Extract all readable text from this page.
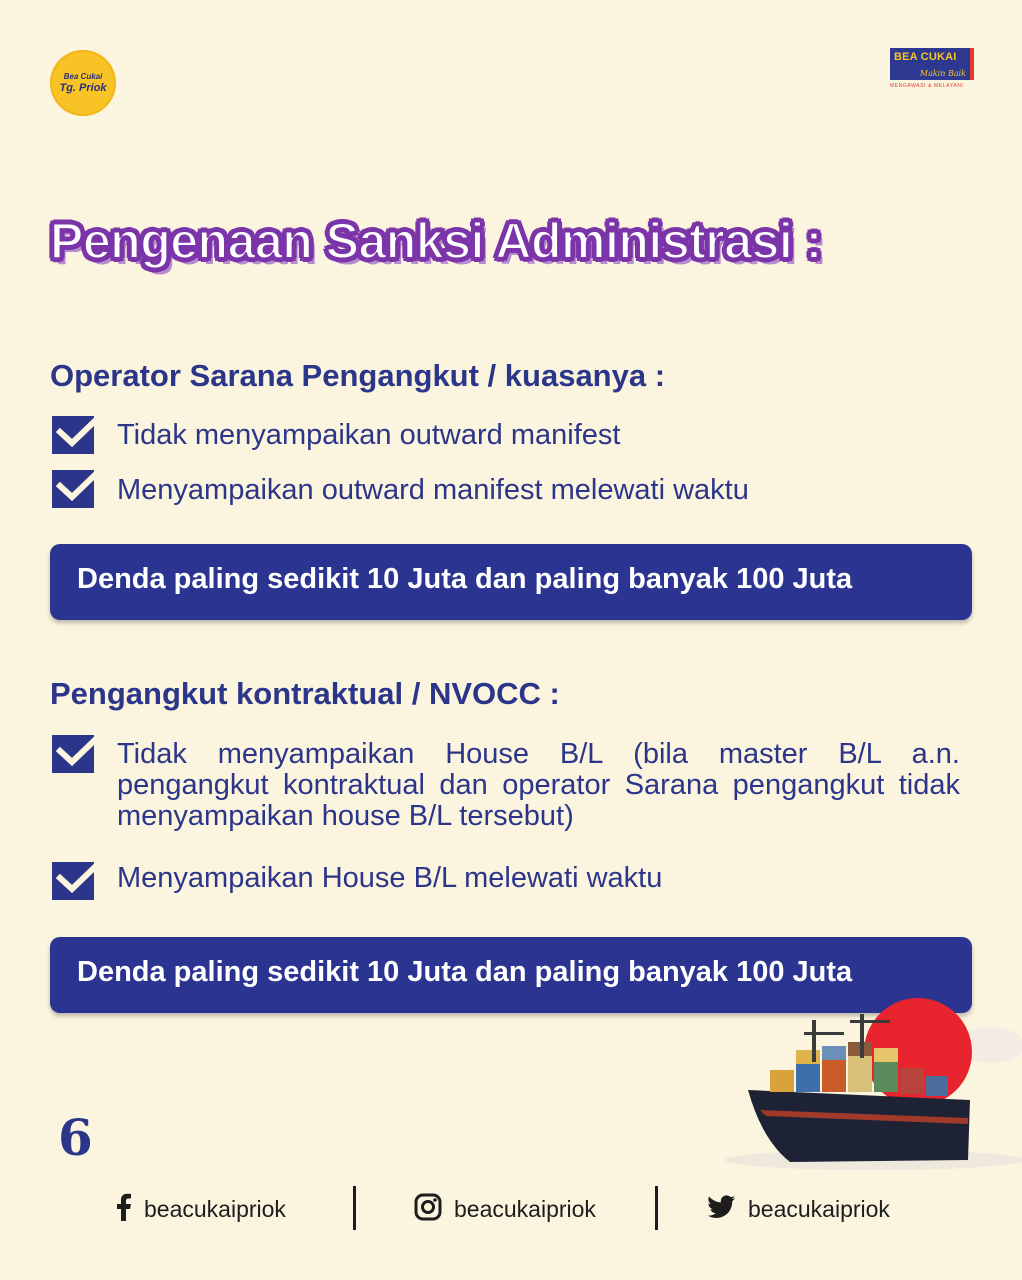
Bea Cukai
Tg. Priok
BEA CUKAI
Makin Baik
MENGAWASI & MELAYANI
Pengenaan Sanksi Administrasi :
Operator Sarana Pengangkut / kuasanya :
Tidak menyampaikan outward manifest
Menyampaikan outward manifest melewati waktu
Denda paling sedikit 10 Juta dan paling banyak 100 Juta
Pengangkut kontraktual / NVOCC :
Tidak menyampaikan House B/L (bila master B/L a.n. pengangkut kontraktual dan operator Sarana pengangkut tidak menyampaikan house B/L tersebut)
Menyampaikan House B/L melewati waktu
Denda paling sedikit 10 Juta dan paling banyak 100 Juta
6
beacukaipriok	beacukaipriok	beacukaipriok
